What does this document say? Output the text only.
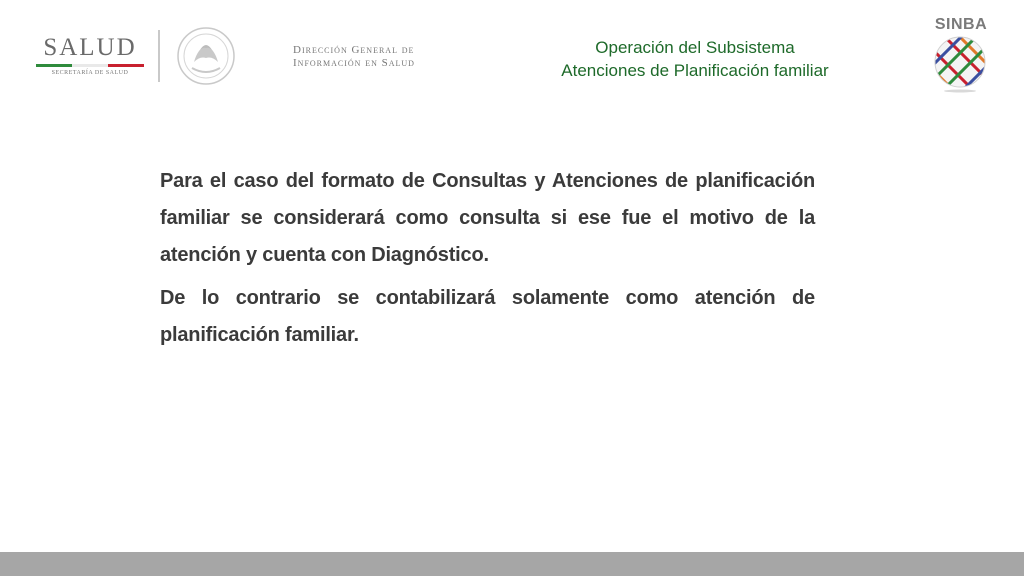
SALUD
SECRETARÍA DE SALUD
Dirección General de
Información en Salud
Operación del Subsistema
Atenciones de Planificación familiar
SINBA

Para el caso del formato de Consultas y Atenciones de planificación familiar se considerará como consulta si ese fue el motivo de la atención y cuenta con Diagnóstico.

De lo contrario se contabilizará solamente como atención de planificación familiar.
